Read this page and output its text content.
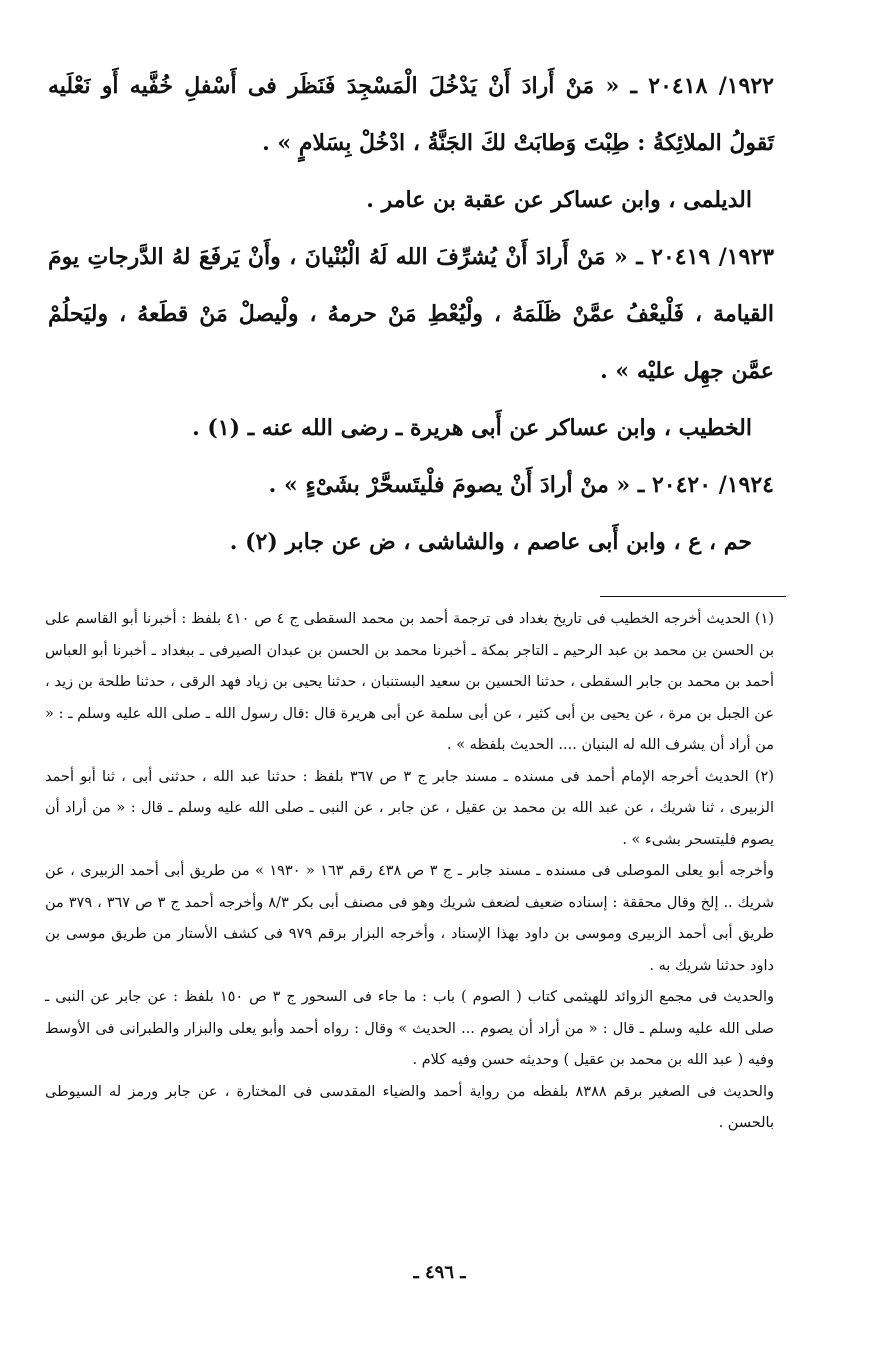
١٩٢٢/ ٢٠٤١٨ ـ « مَنْ أَرادَ أَنْ يَدْخُلَ الْمَسْجِدَ فَنَظَر فى أَسْفلِ خُفَّيه أَو نَعْلَيه تَقولُ الملائِكةُ : طِبْتَ وَطابَتْ لكَ الجَنَّةُ ، ادْخُلْ بِسَلامٍ » .

الديلمى ، وابن عساكر عن عقبة بن عامر .

١٩٢٣/ ٢٠٤١٩ ـ « مَنْ أَرادَ أَنْ يُشرِّفَ الله لَهُ الْبُنْيانَ ، وأَنْ يَرفَعَ لهُ الدَّرجاتِ يومَ القيامة ، فَلْيعْفُ عمَّنْ ظَلَمَهُ ، ولْيُعْطِ مَنْ حرمهُ ، ولْيصلْ مَنْ قطَعهُ ، وليَحلُمْ عمَّن جهِل عليْه » .

الخطيب ، وابن عساكر عن أَبى هريرة ـ رضى الله عنه ـ (١) .

١٩٢٤/ ٢٠٤٢٠ ـ « منْ أرادَ أَنْ يصومَ فلْيتَسحَّرْ بشَىْءٍ » .

حم ، ع ، وابن أَبى عاصم ، والشاشى ، ض عن جابر (٢) .

(١) الحديث أخرجه الخطيب فى تاريخ بغداد فى ترجمة أحمد بن محمد السقطى ج ٤ ص ٤١٠ بلفظ : أخبرنا أبو القاسم على بن الحسن بن محمد بن عبد الرحيم ـ التاجر بمكة ـ أخبرنا محمد بن الحسن بن عبدان الصيرفى ـ ببغداد ـ أخبرنا أبو العباس أحمد بن محمد بن جابر السقطى ، حدثنا الحسين بن سعيد البستنبان ، حدثنا يحيى بن زياد فهد الرقى ، حدثنا طلحة بن زيد ، عن الجبل بن مرة ، عن يحيى بن أبى كثير ، عن أبى سلمة عن أبى هريرة قال :قال رسول الله ـ صلى الله عليه وسلم ـ : « من أراد أن يشرف الله له البنيان .... الحديث بلفظه » .

(٢) الحديث أخرجه الإمام أحمد فى مسنده ـ مسند جابر ج ٣ ص ٣٦٧ بلفظ : حدثنا عبد الله ، حدثنى أبى ، ثنا أبو أحمد الزبيرى ، ثنا شريك ، عن عبد الله بن محمد بن عقيل ، عن جابر ، عن النبى ـ صلى الله عليه وسلم ـ قال : « من أراد أن يصوم فليتسحر بشىء » .

وأخرجه أبو يعلى الموصلى فى مسنده ـ مسند جابر ـ ج ٣ ص ٤٣٨ رقم ١٦٣ « ١٩٣٠ » من طريق أبى أحمد الزبيرى ، عن شريك .. إلخ وقال محققة : إسناده ضعيف لضعف شريك وهو فى مصنف أبى بكر ٨/٣ وأخرجه أحمد ج ٣ ص ٣٦٧ ، ٣٧٩ من طريق أبى أحمد الزبيرى وموسى بن داود بهذا الإسناد ، وأخرجه البزار برقم ٩٧٩ فى كشف الأستار من طريق موسى بن داود حدثنا شريك به .

والحديث فى مجمع الزوائد للهيثمى كتاب ( الصوم ) باب : ما جاء فى السحور ج ٣ ص ١٥٠ بلفظ : عن جابر عن النبى ـ صلى الله عليه وسلم ـ قال : « من أراد أن يصوم ... الحديث » وقال : رواه أحمد وأبو يعلى والبزار والطبرانى فى الأوسط وفيه ( عبد الله بن محمد بن عقيل ) وحديثه حسن وفيه كلام .

والحديث فى الصغير برقم ٨٣٨٨ بلفظه من رواية أحمد والضياء المقدسى فى المختارة ، عن جابر ورمز له السيوطى بالحسن .

ـ ٤٩٦ ـ
